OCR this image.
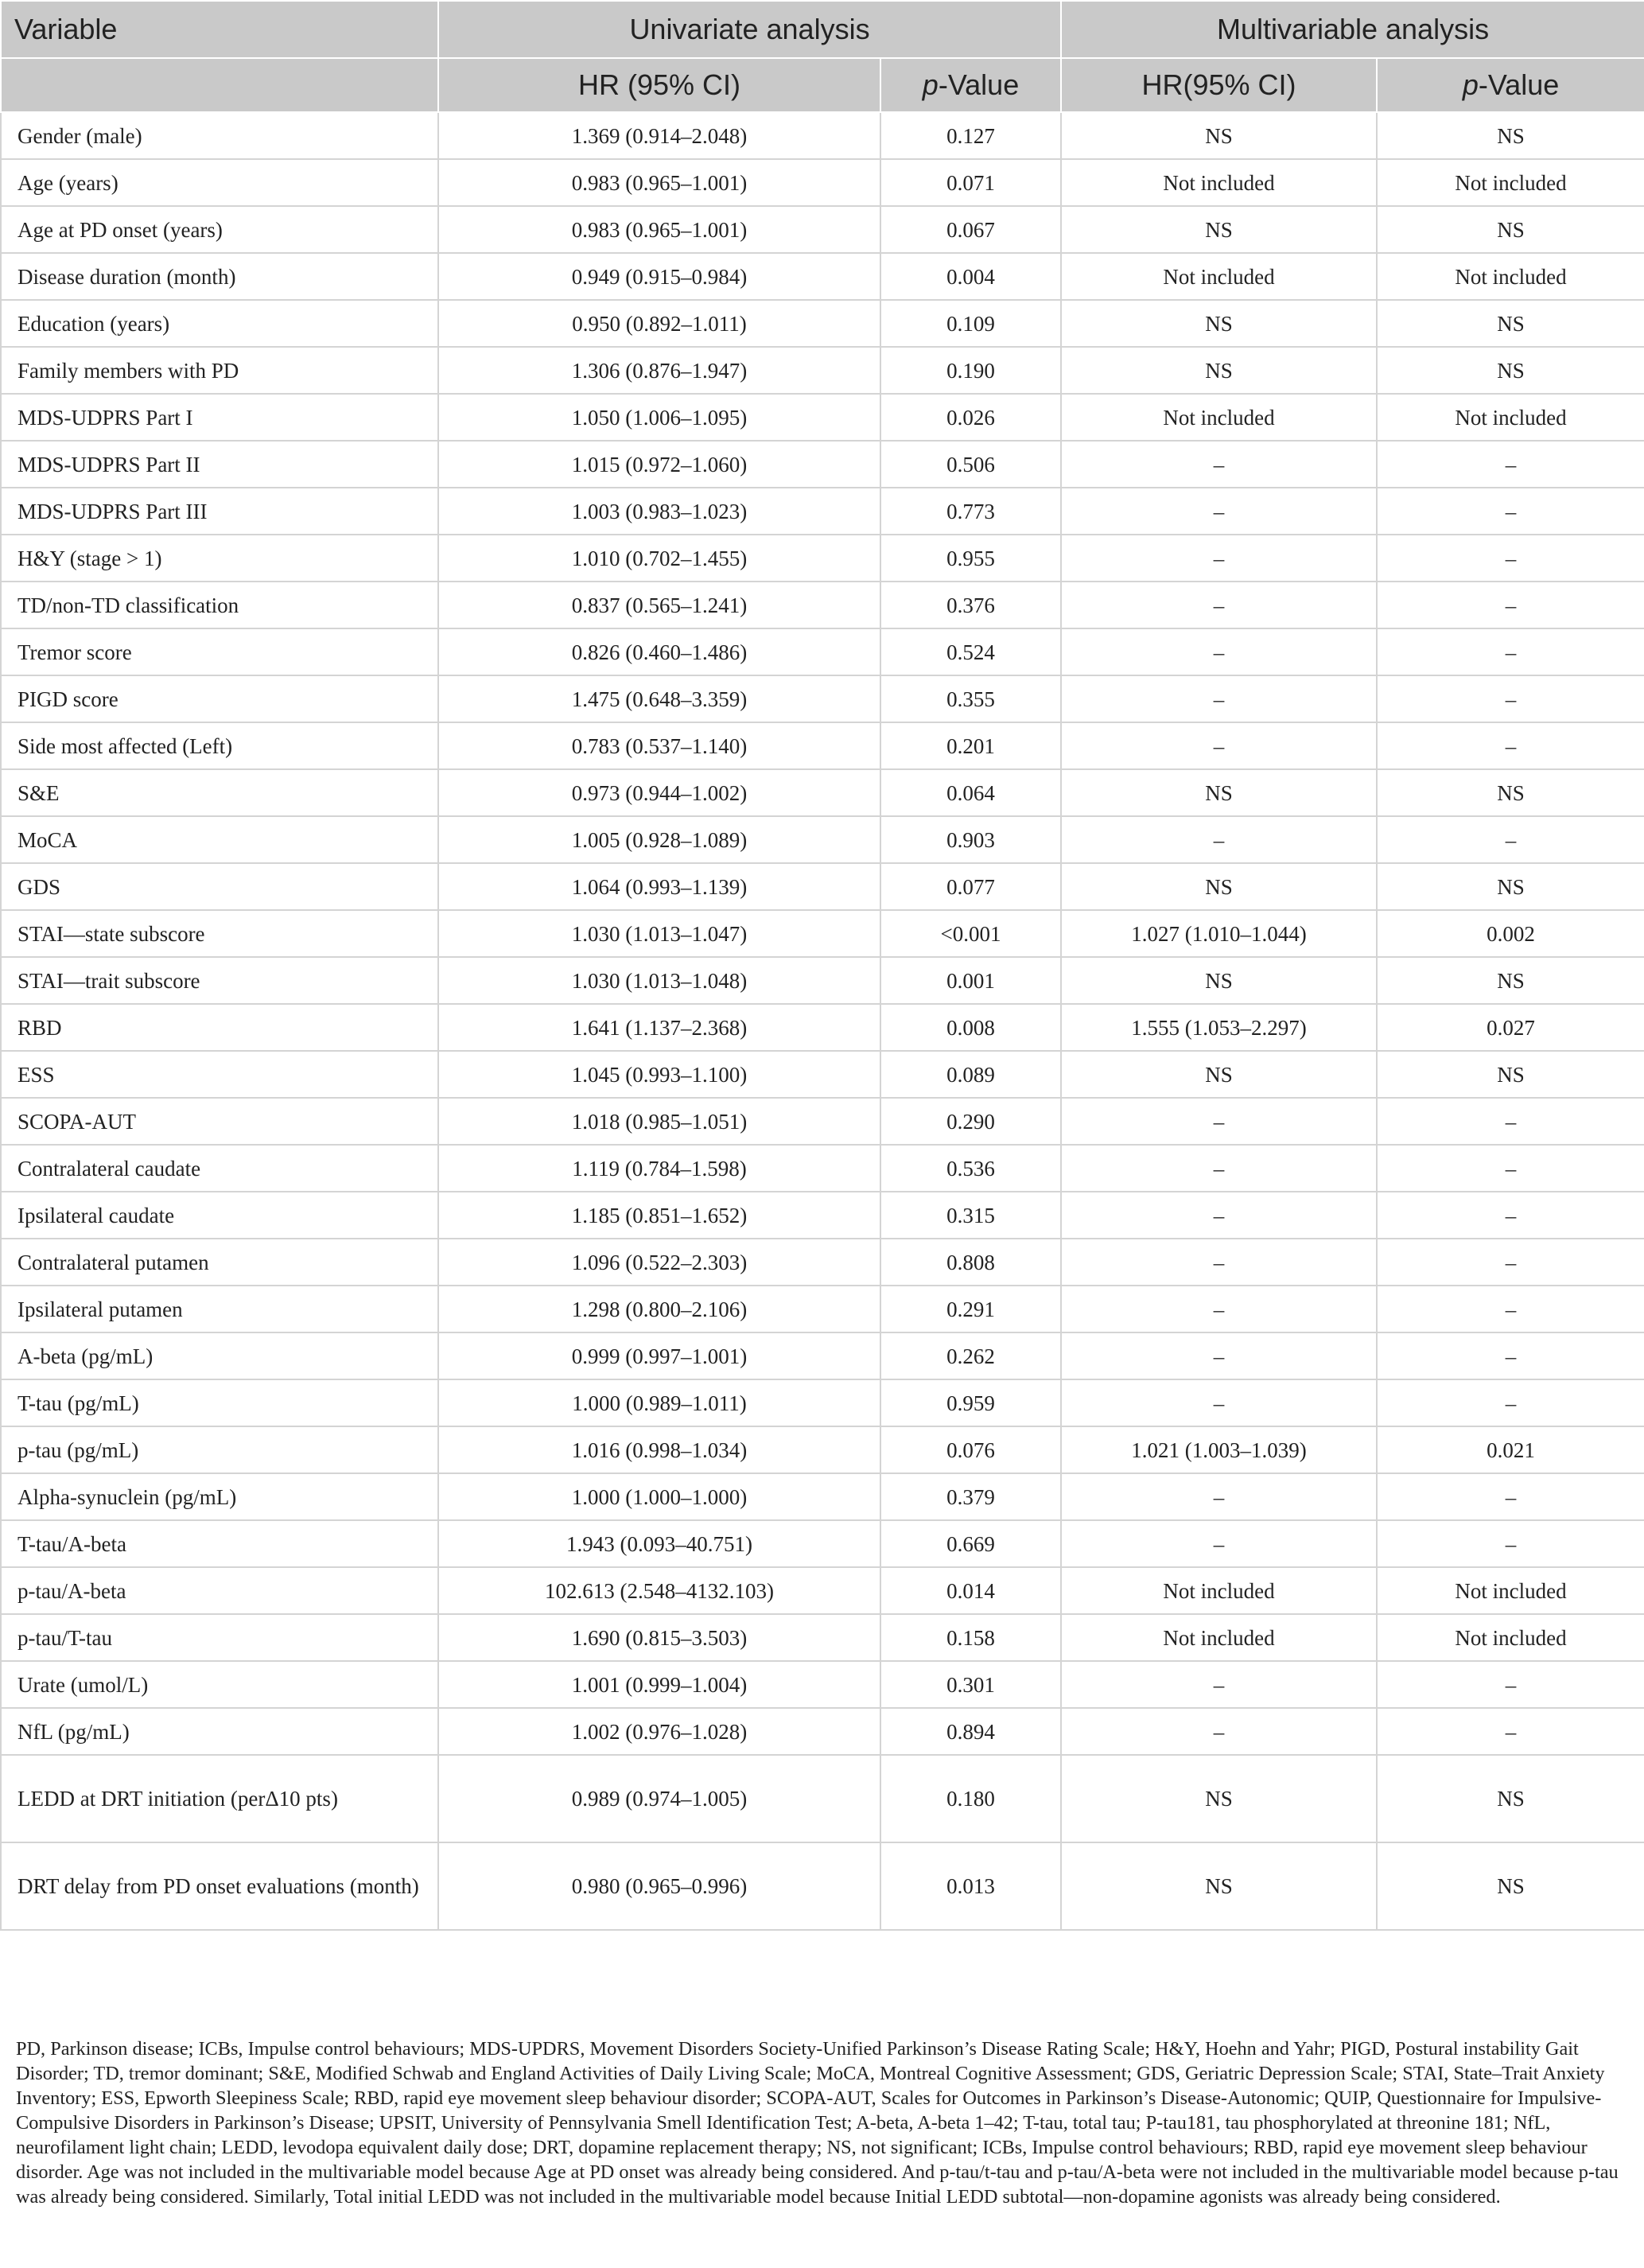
Variable	Univariate analysis		Multivariable analysis	
	HR (95% CI)	p-Value	HR(95% CI)	p-Value
Gender (male)	1.369 (0.914–2.048)	0.127	NS	NS
Age (years)	0.983 (0.965–1.001)	0.071	Not included	Not included
Age at PD onset (years)	0.983 (0.965–1.001)	0.067	NS	NS
Disease duration (month)	0.949 (0.915–0.984)	0.004	Not included	Not included
Education (years)	0.950 (0.892–1.011)	0.109	NS	NS
Family members with PD	1.306 (0.876–1.947)	0.190	NS	NS
MDS-UDPRS Part I	1.050 (1.006–1.095)	0.026	Not included	Not included
MDS-UDPRS Part II	1.015 (0.972–1.060)	0.506	–	–
MDS-UDPRS Part III	1.003 (0.983–1.023)	0.773	–	–
H&Y (stage > 1)	1.010 (0.702–1.455)	0.955	–	–
TD/non-TD classification	0.837 (0.565–1.241)	0.376	–	–
Tremor score	0.826 (0.460–1.486)	0.524	–	–
PIGD score	1.475 (0.648–3.359)	0.355	–	–
Side most affected (Left)	0.783 (0.537–1.140)	0.201	–	–
S&E	0.973 (0.944–1.002)	0.064	NS	NS
MoCA	1.005 (0.928–1.089)	0.903	–	–
GDS	1.064 (0.993–1.139)	0.077	NS	NS
STAI—state subscore	1.030 (1.013–1.047)	<0.001	1.027 (1.010–1.044)	0.002
STAI—trait subscore	1.030 (1.013–1.048)	0.001	NS	NS
RBD	1.641 (1.137–2.368)	0.008	1.555 (1.053–2.297)	0.027
ESS	1.045 (0.993–1.100)	0.089	NS	NS
SCOPA-AUT	1.018 (0.985–1.051)	0.290	–	–
Contralateral caudate	1.119 (0.784–1.598)	0.536	–	–
Ipsilateral caudate	1.185 (0.851–1.652)	0.315	–	–
Contralateral putamen	1.096 (0.522–2.303)	0.808	–	–
Ipsilateral putamen	1.298 (0.800–2.106)	0.291	–	–
A-beta (pg/mL)	0.999 (0.997–1.001)	0.262	–	–
T-tau (pg/mL)	1.000 (0.989–1.011)	0.959	–	–
p-tau (pg/mL)	1.016 (0.998–1.034)	0.076	1.021 (1.003–1.039)	0.021
Alpha-synuclein (pg/mL)	1.000 (1.000–1.000)	0.379	–	–
T-tau/A-beta	1.943 (0.093–40.751)	0.669	–	–
p-tau/A-beta	102.613 (2.548–4132.103)	0.014	Not included	Not included
p-tau/T-tau	1.690 (0.815–3.503)	0.158	Not included	Not included
Urate (umol/L)	1.001 (0.999–1.004)	0.301	–	–
NfL (pg/mL)	1.002 (0.976–1.028)	0.894	–	–
LEDD at DRT initiation (perΔ10 pts)	0.989 (0.974–1.005)	0.180	NS	NS
DRT delay from PD onset evaluations (month)	0.980 (0.965–0.996)	0.013	NS	NS

PD, Parkinson disease; ICBs, Impulse control behaviours; MDS-UPDRS, Movement Disorders Society-Unified Parkinson’s Disease Rating Scale; H&Y, Hoehn and Yahr; PIGD, Postural instability Gait Disorder; TD, tremor dominant; S&E, Modified Schwab and England Activities of Daily Living Scale; MoCA, Montreal Cognitive Assessment; GDS, Geriatric Depression Scale; STAI, State–Trait Anxiety Inventory; ESS, Epworth Sleepiness Scale; RBD, rapid eye movement sleep behaviour disorder; SCOPA-AUT, Scales for Outcomes in Parkinson’s Disease-Autonomic; QUIP, Questionnaire for Impulsive-Compulsive Disorders in Parkinson’s Disease; UPSIT, University of Pennsylvania Smell Identification Test; A-beta, A-beta 1–42; T-tau, total tau; P-tau181, tau phosphorylated at threonine 181; NfL, neurofilament light chain; LEDD, levodopa equivalent daily dose; DRT, dopamine replacement therapy; NS, not significant; ICBs, Impulse control behaviours; RBD, rapid eye movement sleep behaviour disorder. Age was not included in the multivariable model because Age at PD onset was already being considered. And p-tau/t-tau and p-tau/A-beta were not included in the multivariable model because p-tau was already being considered. Similarly, Total initial LEDD was not included in the multivariable model because Initial LEDD subtotal—non-dopamine agonists was already being considered.
